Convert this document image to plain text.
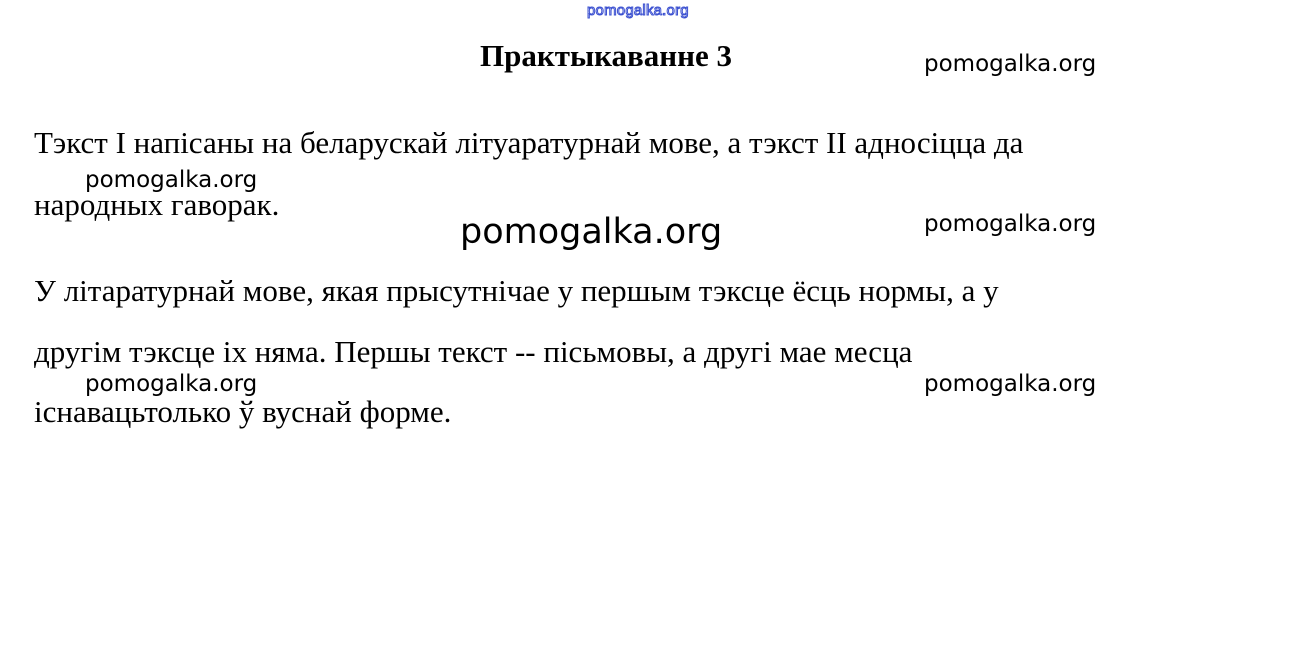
pomogalka.org
Практыкаванне 3
Тэкст I напісаны на беларускай літуаратурнай мове, а тэкст II адносіцца да
народных гаворак.
У літаратурнай мове, якая прысутнічае у першым тэксце ёсць нормы, а у
другім тэксце іх няма. Першы текст -- пісьмовы, а другі мае месца
існавацьтолько ў вуснай форме.
pomogalka.org
pomogalka.org
pomogalka.org
pomogalka.org
pomogalka.org	pomogalka.org
